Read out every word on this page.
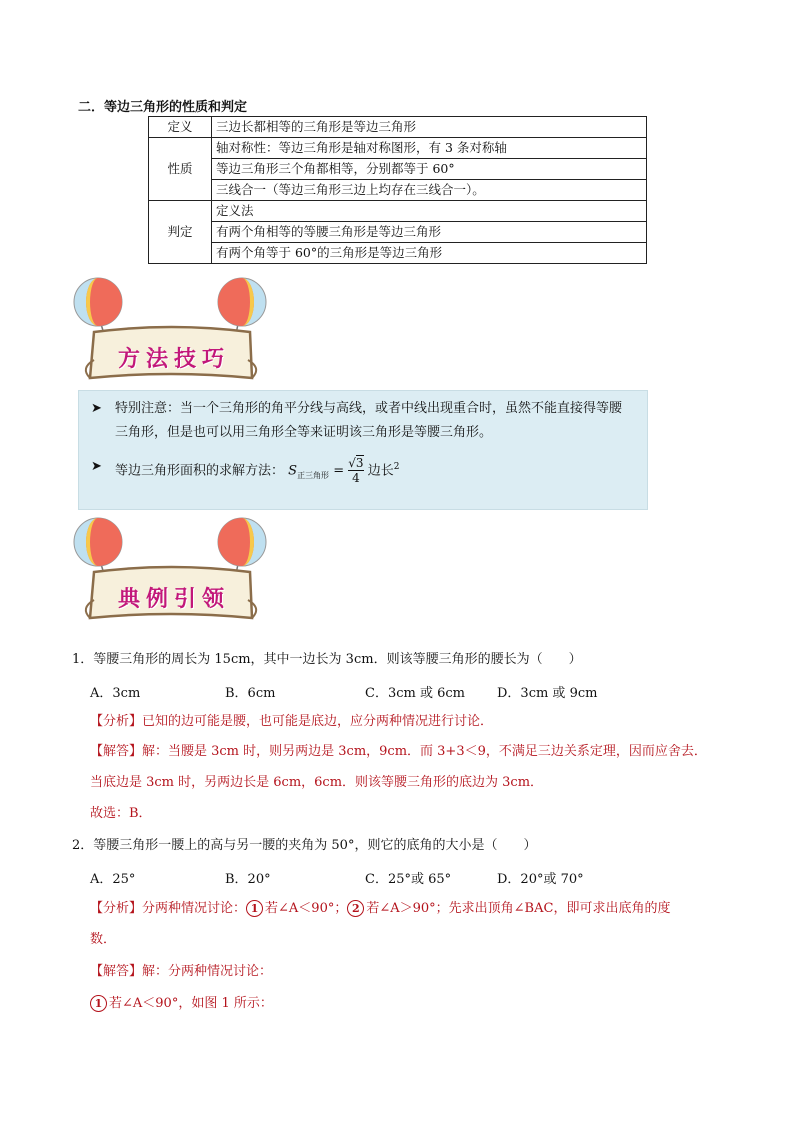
二．等边三角形的性质和判定
定义	三边长都相等的三角形是等边三角形
性质	轴对称性：等边三角形是轴对称图形，有 3 条对称轴
	等边三角形三个角都相等，分别都等于 60°
	三线合一（等边三角形三边上均存在三线合一）。
判定	定义法
	有两个角相等的等腰三角形是等边三角形
	有两个角等于 60°的三角形是等边三角形
方法技巧
➤	特别注意：当一个三角形的角平分线与高线，或者中线出现重合时，虽然不能直接得等腰三角形，但是也可以用三角形全等来证明该三角形是等腰三角形。
➤	等边三角形面积的求解方法： $S_{正三角形} = \frac{√3}{4}$ 边长$^2$
典例引领
1．等腰三角形的周长为 15cm，其中一边长为 3cm．则该等腰三角形的腰长为（　　）
A．3cm	B．6cm	C．3cm 或 6cm D．3cm 或 9cm
【分析】已知的边可能是腰，也可能是底边，应分两种情况进行讨论．
【解答】解：当腰是 3cm 时，则另两边是 3cm，9cm．而 3+3＜9，不满足三边关系定理，因而应舍去．
当底边是 3cm 时，另两边长是 6cm，6cm．则该等腰三角形的底边为 3cm．
故选：B．
2．等腰三角形一腰上的高与另一腰的夹角为 50°，则它的底角的大小是（　　）
A．25°	B．20°	C．25°或 65°	D．20°或 70°
【分析】分两种情况讨论： 1 若∠A＜90°； 2 若∠A＞90°；先求出顶角∠BAC，即可求出底角的度
数．
【解答】解：分两种情况讨论：
1 若∠A＜90°，如图 1 所示：
